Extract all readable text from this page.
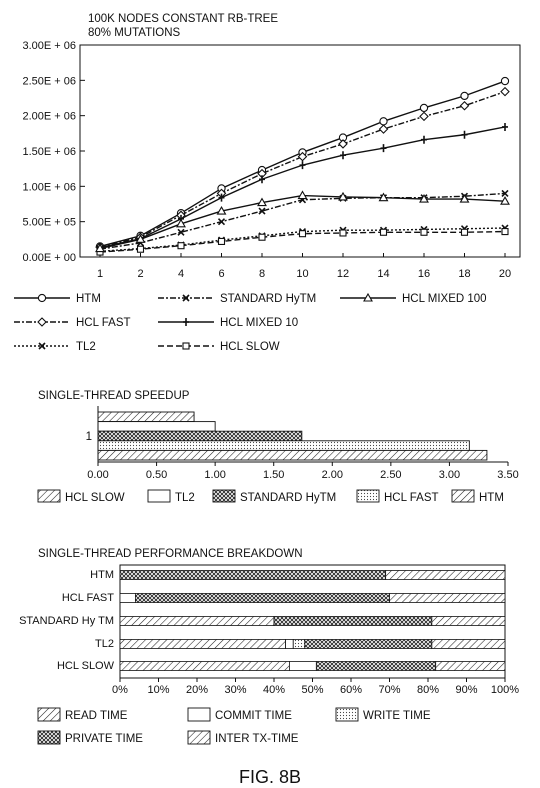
100K NODES CONSTANT RB-TREE
80% MUTATIONS
0.00E + 00
5.00E + 05
1.00E + 06
1.50E + 06
2.00E + 06
2.50E + 06
3.00E + 06
1	2	4	6	8	10	12	14	16	18	20
HTM	STANDARD HyTM	HCL MIXED 100
HCL FAST	HCL MIXED 10
TL2	HCL SLOW
SINGLE-THREAD SPEEDUP
1
0.00	0.50	1.00	1.50	2.00	2.50	3.00	3.50
HCL SLOW	TL2	STANDARD HyTM	HCL FAST	HTM
SINGLE-THREAD PERFORMANCE BREAKDOWN
HTM
HCL FAST
STANDARD Hy TM
TL2
HCL SLOW
0% 10% 20% 30% 40% 50% 60% 70% 80% 90% 100%
READ TIME	COMMIT TIME	WRITE TIME
PRIVATE TIME	INTER TX-TIME
FIG. 8B
